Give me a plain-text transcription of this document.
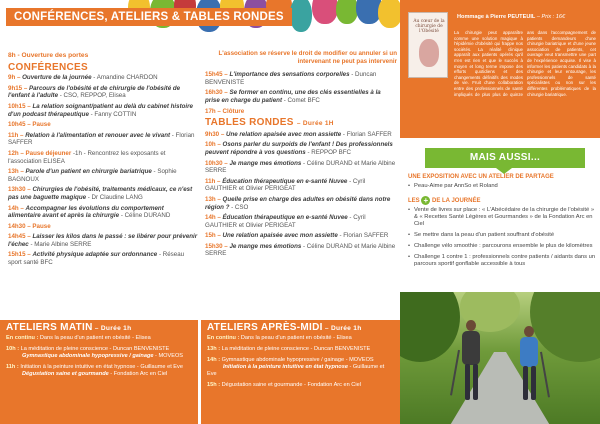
CONFÉRENCES, ATELIERS & TABLES RONDES
8h - Ouverture des portes
CONFÉRENCES
9h – Ouverture de la journée - Amandine CHARDON
9h15 – Parcours de l'obésité et de chirurgie de l'obésité de l'enfant à l'adulte - CSO, REPPOP, Elisea
10h15 – La relation soignant/patient au delà du cabinet histoire d'un podcast thérapeutique - Fanny COTTIN
10h45 – Pause
11h – Relation à l'alimentation et renouer avec le vivant - Florian SAFFER
12h – Pause déjeuner -1h - Rencontrez les exposants et l'association ELISEA
13h – Parole d'un patient en chirurgie bariatrique - Sophie BAGNOUX
13h30 – Chirurgies de l'obésité, traitements médicaux, ce n'est pas une baguette magique - Dr Claudine LANG
14h – Accompagner les évolutions du comportement alimentaire avant et après la chirurgie - Céline DURAND
14h30 – Pause
14h45 – Laisser les kilos dans le passé : se libérer pour prévenir l'échec - Marie Albine SERRE
15h15 – Activité physique adaptée sur ordonnance - Réseau sport santé BFC
L'association se réserve le droit de modifier ou annuler si un intervenant ne peut pas intervenir
15h45 – L'importance des sensations corporelles - Duncan BENVENISTE
16h30 – Se former en continu, une des clés essentielles à la prise en charge du patient - Comet BFC
17h – Clôture
TABLES RONDES – Durée 1H
9h30 – Une relation apaisée avec mon assiette - Florian SAFFER
10h – Osons parler du surpoids de l'enfant ! Des professionnels peuvent répondre à vos questions - REPPOP BFC
10h30 – Je mange mes émotions - Céline DURAND et Marie Albine SERRE
11h – Éducation thérapeutique en e-santé Nuvee - Cyril GAUTHIER et Olivier PERIGEAT
13h – Quelle prise en charge des adultes en obésité dans notre région ? - CSO
14h – Éducation thérapeutique en e-santé Nuvee - Cyril GAUTHIER et Olivier PERIGEAT
15h – Une relation apaisée avec mon assiette - Florian SAFFER
15h30 – Je mange mes émotions - Céline DURAND et Marie Albine SERRE
ATELIERS MATIN – Durée 1h
En continu : Dans la peau d'un patient en obésité - Elisea
10h : La méditation de pleine conscience - Duncan BENVENISTE
Gymnastique abdominale hypopressive / gainage - MOVEOS
11h : Initiation à la peinture intuitive en état hypnose - Guillaume et Eve
Dégustation saine et gourmande - Fondation Arc en Ciel
ATELIERS APRÈS-MIDI – Durée 1h
En continu : Dans la peau d'un patient en obésité - Elisea
13h : La méditation de pleine conscience - Duncan BENVENISTE
14h : Gymnastique abdominale hypopressive / gainage - MOVEOS
Initiation à la peinture intuitive en état hypnose - Guillaume et Eve
15h : Dégustation saine et gourmande - Fondation Arc en Ciel
Au cœur de la chirurgie de l'Obésité
Hommage à Pierre PEUTEUIL – Prix : 16€
La chirurgie peut apparaître comme une solution magique à l'épidémie d'obésité qui frappe nos sociétés. La réalité clinique apparaît aux patients opérés qu'il n'en est rien et que le succès à moyen et long terme impose des efforts quotidiens et des changements définitifs des modes de vie. Fruit d'une collaboration entre des professionnels de santé impliqués de plus plus de quinze ans dans l'accompagnement de patients demandeurs d'une chirurgie bariatrique et d'une jeune association de patients, cet ouvrage veut transmettre une part de l'expérience acquise. Il vise à informer les patients candidats à la chirurgie et leur entourage, les professionnels de santé spécialistes ou non sur les différentes problématiques de la chirurgie bariatrique.
MAIS AUSSI...
UNE EXPOSITION AVEC UN ATELIER DE PARTAGE
• Peau-Aime par AnnSo et Roland
LES + DE LA JOURNÉE
• Vente de livres sur place : « L'Abécédaire de la chirurgie de l'obésité » & « Recettes Santé Légères et Gourmandes » de la Fondation Arc en Ciel
• Se mettre dans la peau d'un patient souffrant d'obésité
• Challenge vélo smoothie : parcourons ensemble le plus de kilomètres
• Challenge 1 contre 1 : professionnels contre patients / aidants dans un parcours sportif gonflable accessible à tous
